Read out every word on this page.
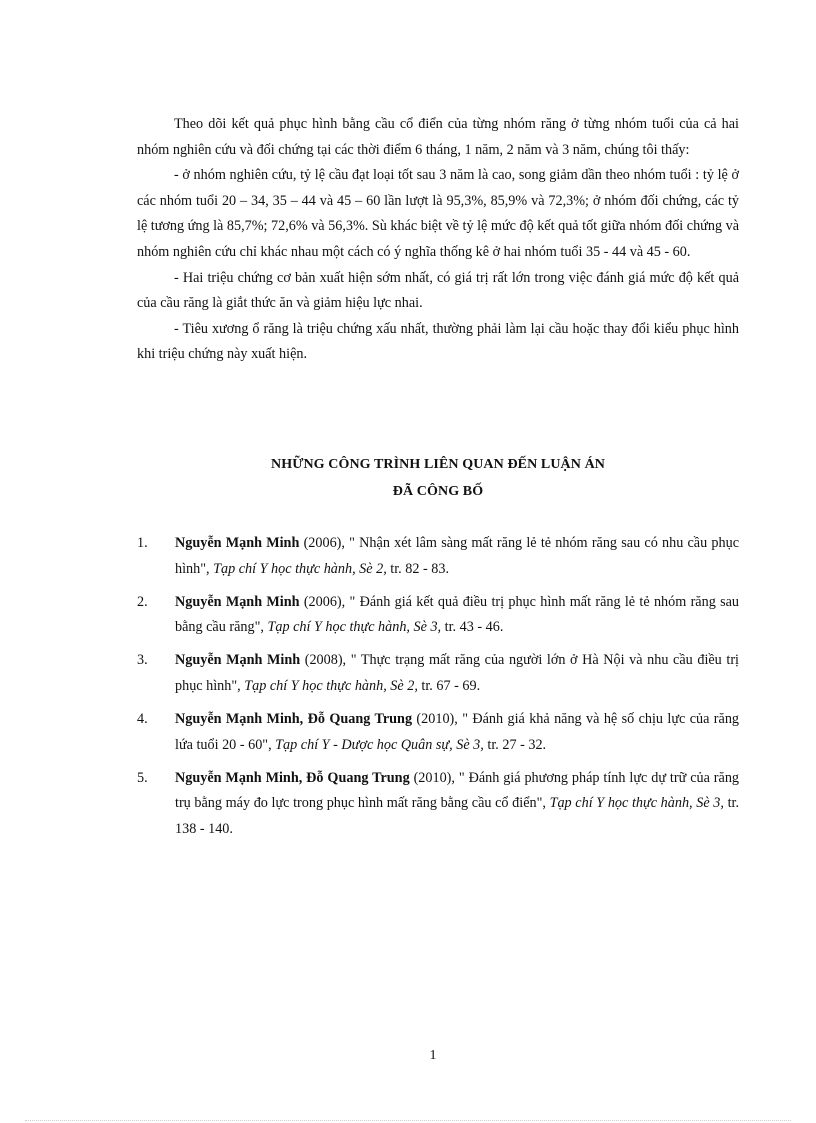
Theo dõi kết quả phục hình bằng cầu cổ điển của từng nhóm răng ở từng nhóm tuổi của cả hai nhóm nghiên cứu và đối chứng tại các thời điểm 6 tháng, 1 năm, 2 năm và 3 năm, chúng tôi thấy:

- ở nhóm nghiên cứu, tỷ lệ cầu đạt loại tốt sau 3 năm là cao, song giảm dần theo nhóm tuổi : tỷ lệ ở các nhóm tuổi 20 – 34, 35 – 44 và 45 – 60 lần lượt là 95,3%, 85,9% và 72,3%; ở nhóm đối chứng, các tỷ lệ tương ứng là 85,7%; 72,6% và 56,3%. Sù khác biệt về tỷ lệ mức độ kết quả tốt giữa nhóm đối chứng và nhóm nghiên cứu chỉ khác nhau một cách có ý nghĩa thống kê ở hai nhóm tuổi 35 - 44 và 45 - 60.

- Hai triệu chứng cơ bản xuất hiện sớm nhất, có giá trị rất lớn trong việc đánh giá mức độ kết quả của cầu răng là giắt thức ăn và giảm hiệu lực nhai.

- Tiêu xương ổ răng là triệu chứng xấu nhất, thường phải làm lại cầu hoặc thay đổi kiểu phục hình khi triệu chứng này xuất hiện.

NHỮNG CÔNG TRÌNH LIÊN QUAN ĐẾN LUẬN ÁN
ĐÃ CÔNG BỐ
1. Nguyễn Mạnh Minh (2006), " Nhận xét lâm sàng mất răng lẻ tẻ nhóm răng sau có nhu cầu phục hình", Tạp chí Y học thực hành, Sè 2, tr. 82 - 83.
2. Nguyễn Mạnh Minh (2006), " Đánh giá kết quả điều trị phục hình mất răng lẻ tẻ nhóm răng sau bằng cầu răng", Tạp chí Y học thực hành, Sè 3, tr. 43 - 46.
3. Nguyễn Mạnh Minh (2008), " Thực trạng mất răng của người lớn ở Hà Nội và nhu cầu điều trị phục hình", Tạp chí Y học thực hành, Sè 2, tr. 67 - 69.
4. Nguyễn Mạnh Minh, Đỗ Quang Trung (2010), " Đánh giá khả năng và hệ số chịu lực của răng lứa tuổi 20 - 60", Tạp chí Y - Dược học Quân sự, Sè 3, tr. 27 - 32.
5. Nguyễn Mạnh Minh, Đỗ Quang Trung (2010), " Đánh giá phương pháp tính lực dự trữ của răng trụ bằng máy đo lực trong phục hình mất răng bằng cầu cổ điển", Tạp chí Y học thực hành, Sè 3, tr. 138 - 140.
1
